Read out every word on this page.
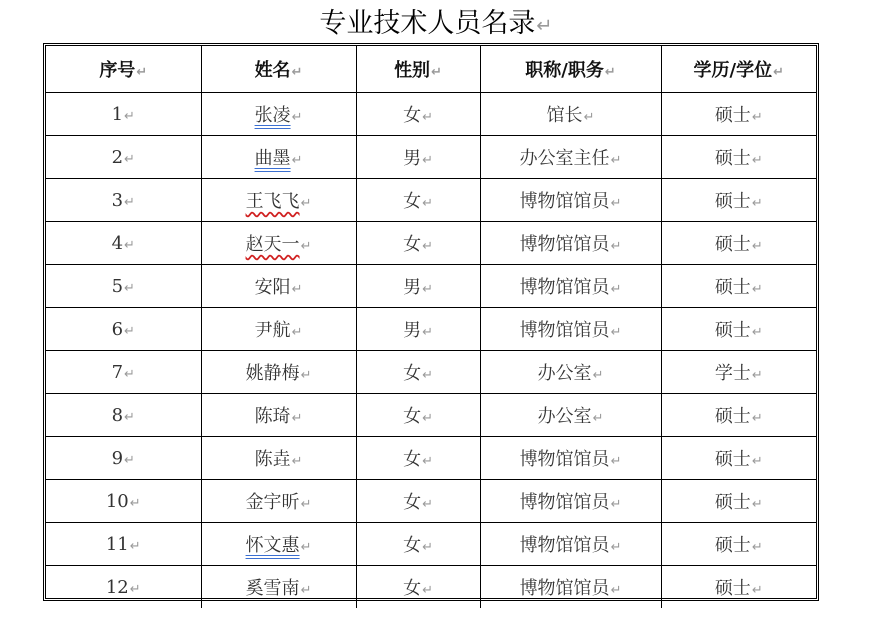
专业技术人员名录↵
序号↵	姓名↵	性别↵	职称/职务↵	学历/学位↵
1↵	张凌↵	女↵	馆长↵	硕士↵
2↵	曲墨↵	男↵	办公室主任↵	硕士↵
3↵	王飞飞↵	女↵	博物馆馆员↵	硕士↵
4↵	赵天一↵	女↵	博物馆馆员↵	硕士↵
5↵	安阳↵	男↵	博物馆馆员↵	硕士↵
6↵	尹航↵	男↵	博物馆馆员↵	硕士↵
7↵	姚静梅↵	女↵	办公室↵	学士↵
8↵	陈琦↵	女↵	办公室↵	硕士↵
9↵	陈垚↵	女↵	博物馆馆员↵	硕士↵
10↵	金宇昕↵	女↵	博物馆馆员↵	硕士↵
11↵	怀文惠↵	女↵	博物馆馆员↵	硕士↵
12↵	奚雪南↵	女↵	博物馆馆员↵	硕士↵
